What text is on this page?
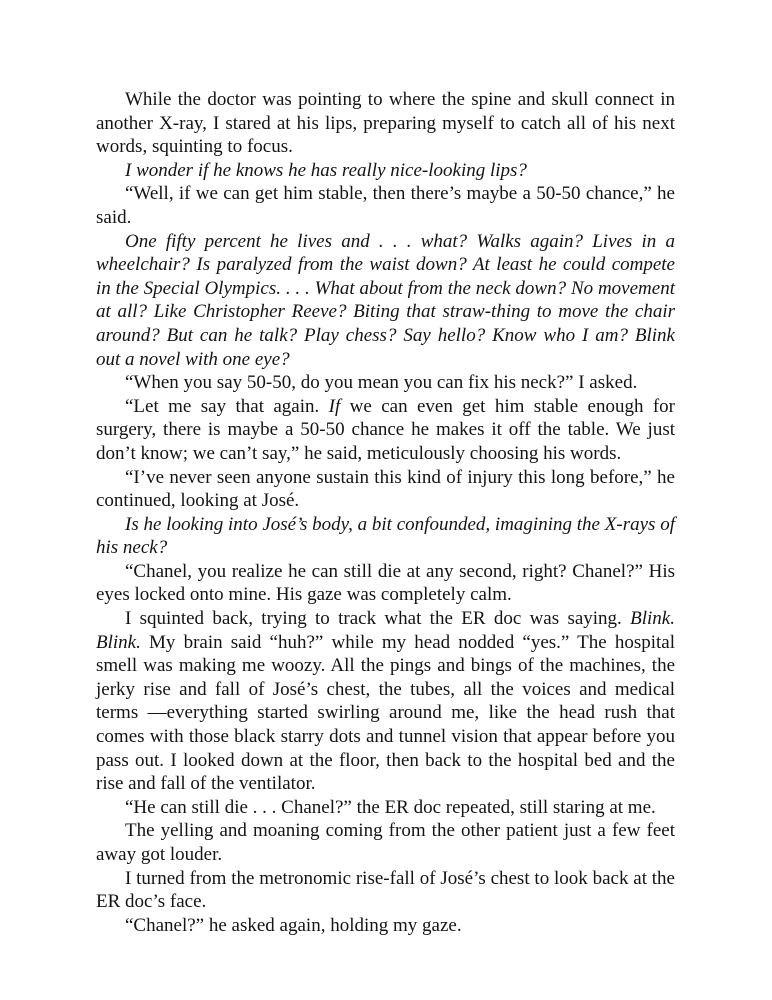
While the doctor was pointing to where the spine and skull connect in another X-ray, I stared at his lips, preparing myself to catch all of his next words, squinting to focus.

I wonder if he knows he has really nice-looking lips?

“Well, if we can get him stable, then there’s maybe a 50-50 chance,” he said.

One fifty percent he lives and . . . what? Walks again? Lives in a wheelchair? Is paralyzed from the waist down? At least he could compete in the Special Olympics. . . . What about from the neck down? No movement at all? Like Christopher Reeve? Biting that straw-thing to move the chair around? But can he talk? Play chess? Say hello? Know who I am? Blink out a novel with one eye?

“When you say 50-50, do you mean you can fix his neck?” I asked.

“Let me say that again. If we can even get him stable enough for surgery, there is maybe a 50-50 chance he makes it off the table. We just don’t know; we can’t say,” he said, meticulously choosing his words.

“I’ve never seen anyone sustain this kind of injury this long before,” he continued, looking at José.

Is he looking into José’s body, a bit confounded, imagining the X-rays of his neck?

“Chanel, you realize he can still die at any second, right? Chanel?” His eyes locked onto mine. His gaze was completely calm.

I squinted back, trying to track what the ER doc was saying. Blink. Blink. My brain said “huh?” while my head nodded “yes.” The hospital smell was making me woozy. All the pings and bings of the machines, the jerky rise and fall of José’s chest, the tubes, all the voices and medical terms —everything started swirling around me, like the head rush that comes with those black starry dots and tunnel vision that appear before you pass out. I looked down at the floor, then back to the hospital bed and the rise and fall of the ventilator.

“He can still die . . . Chanel?” the ER doc repeated, still staring at me.

The yelling and moaning coming from the other patient just a few feet away got louder.

I turned from the metronomic rise-fall of José’s chest to look back at the ER doc’s face.

“Chanel?” he asked again, holding my gaze.
